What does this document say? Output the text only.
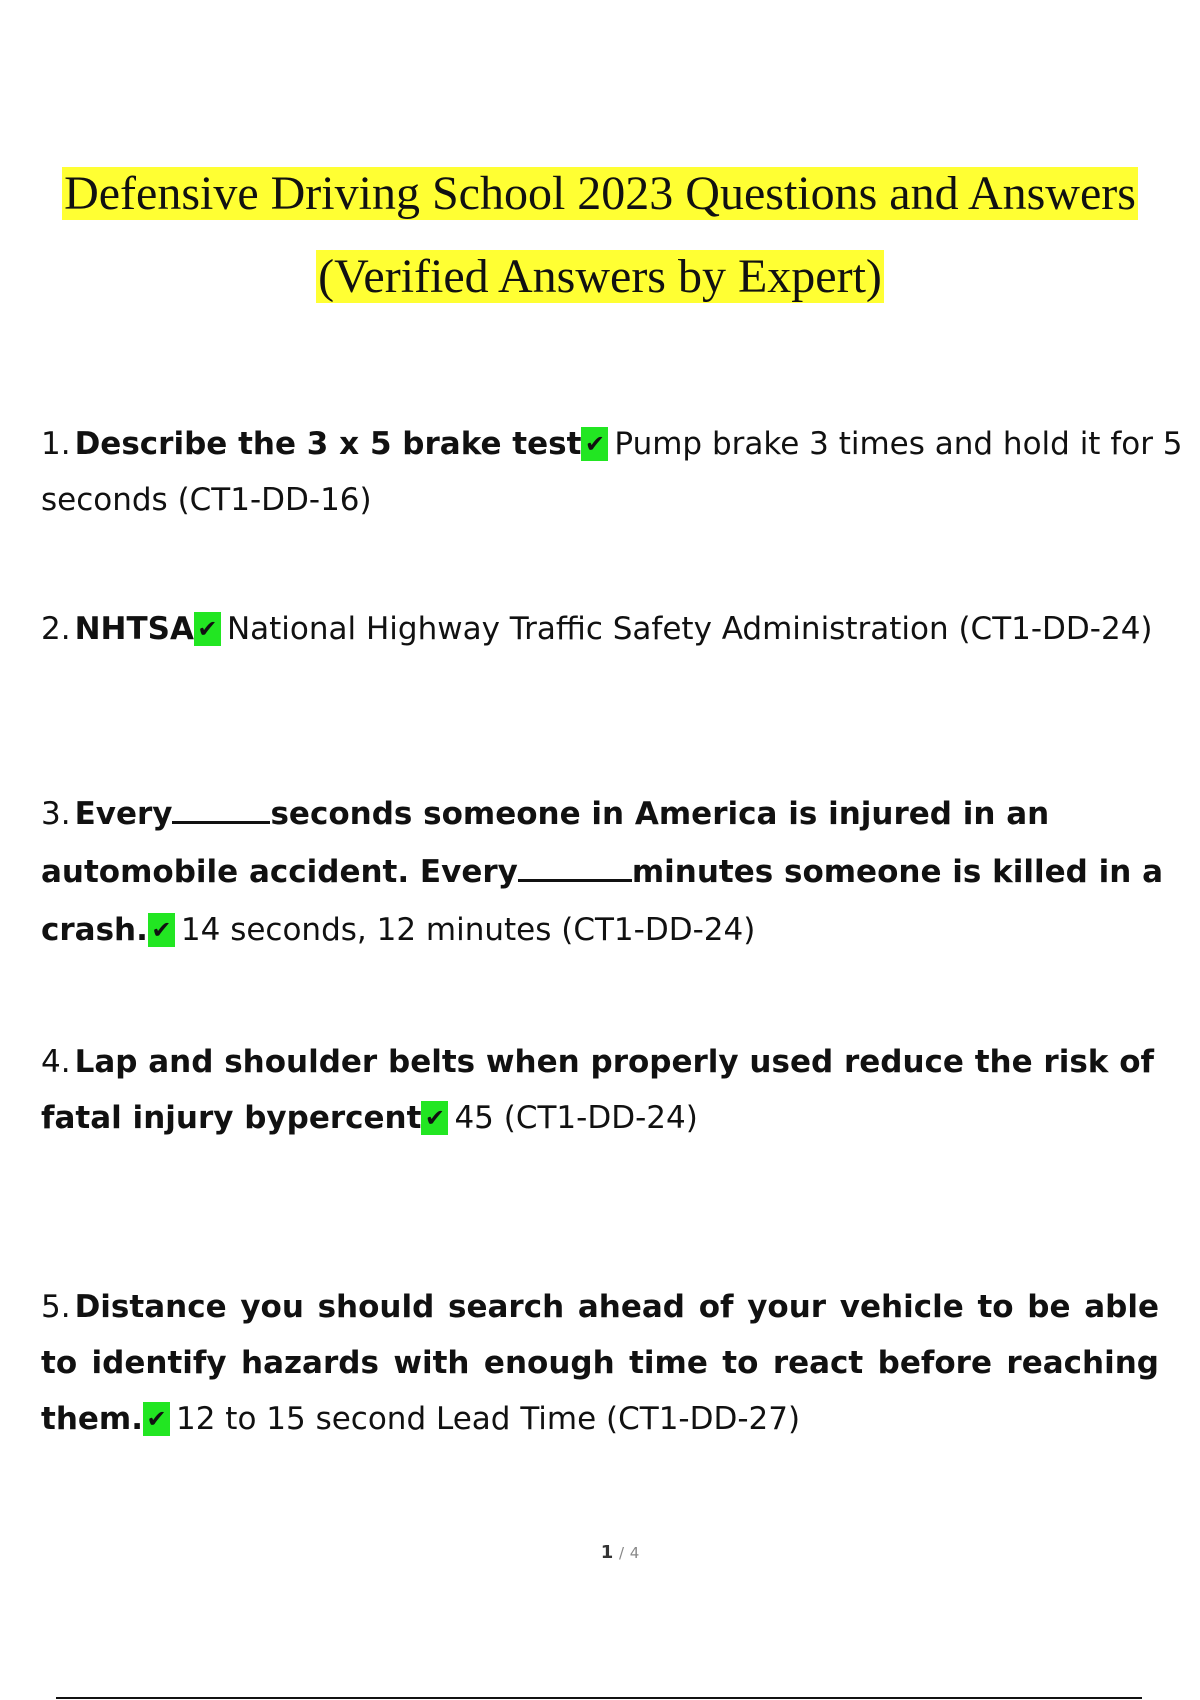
Defensive Driving School 2023 Questions and Answers
(Verified Answers by Expert)
1. Describe the 3 x 5 brake test ✔ Pump brake 3 times and hold it for 5 seconds (CT1-DD-16)
2. NHTSA ✔ National Highway Traffic Safety Administration (CT1-DD-24)
3. Every	seconds someone in America is injured in an automobile accident. Every	minutes someone is killed in a crash. ✔ 14 seconds, 12 minutes (CT1-DD-24)
4. Lap and shoulder belts when properly used reduce the risk of fatal injury bypercent ✔ 45 (CT1-DD-24)
5. Distance you should search ahead of your vehicle to be able to identify hazards with enough time to react before reaching them. ✔ 12 to 15 second Lead Time (CT1-DD-27)
1 / 4
